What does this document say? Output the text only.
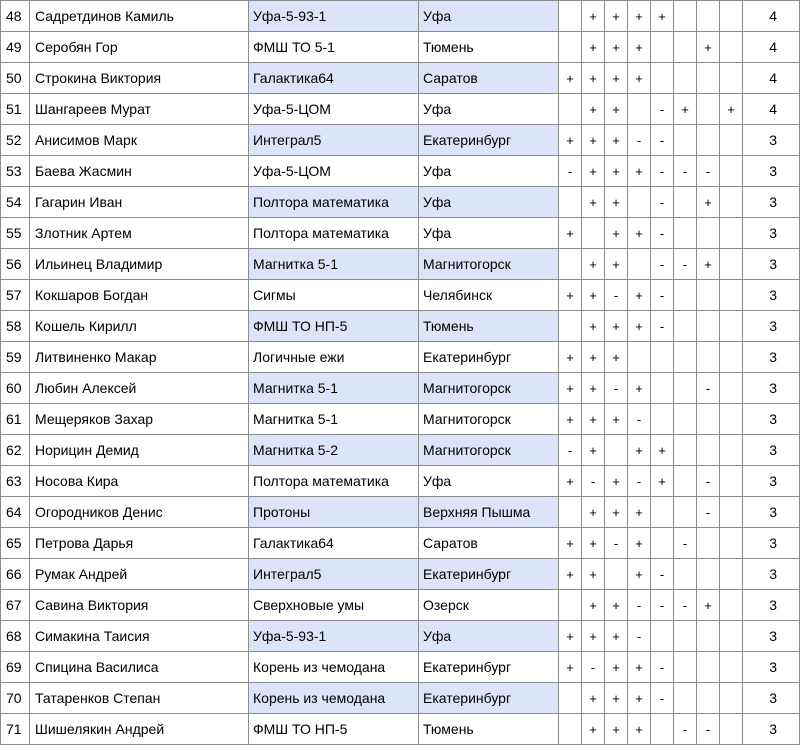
48	Садретдинов Камиль	Уфа-5-93-1	Уфа		+	+	+	+				4
49	Серобян Гор	ФМШ ТО 5-1	Тюмень		+	+	+			+		4
50	Строкина Виктория	Галактика64	Саратов	+	+	+	+					4
51	Шангареев Мурат	Уфа-5-ЦОМ	Уфа		+	+		-	+		+	4
52	Анисимов Марк	Интеграл5	Екатеринбург	+	+	+	-	-				3
53	Баева Жасмин	Уфа-5-ЦОМ	Уфа	-	+	+	+	-	-	-		3
54	Гагарин Иван	Полтора математика	Уфа		+	+		-		+		3
55	Злотник Артем	Полтора математика	Уфа	+		+	+	-				3
56	Ильинец Владимир	Магнитка 5-1	Магнитогорск		+	+		-	-	+		3
57	Кокшаров Богдан	Сигмы	Челябинск	+	+	-	+	-				3
58	Кошель Кирилл	ФМШ ТО НП-5	Тюмень		+	+	+	-				3
59	Литвиненко Макар	Логичные ежи	Екатеринбург	+	+	+						3
60	Любин Алексей	Магнитка 5-1	Магнитогорск	+	+	-	+			-		3
61	Мещеряков Захар	Магнитка 5-1	Магнитогорск	+	+	+	-					3
62	Норицин Демид	Магнитка 5-2	Магнитогорск	-	+		+	+				3
63	Носова Кира	Полтора математика	Уфа	+	-	+	-	+		-		3
64	Огородников Денис	Протоны	Верхняя Пышма		+	+	+			-		3
65	Петрова Дарья	Галактика64	Саратов	+	+	-	+		-			3
66	Румак Андрей	Интеграл5	Екатеринбург	+	+		+	-				3
67	Савина Виктория	Сверхновые умы	Озерск		+	+	-	-	-	+		3
68	Симакина Таисия	Уфа-5-93-1	Уфа	+	+	+	-					3
69	Спицина Василиса	Корень из чемодана	Екатеринбург	+	-	+	+	-				3
70	Татаренков Степан	Корень из чемодана	Екатеринбург		+	+	+	-				3
71	Шишелякин Андрей	ФМШ ТО НП-5	Тюмень		+	+	+		-	-		3
